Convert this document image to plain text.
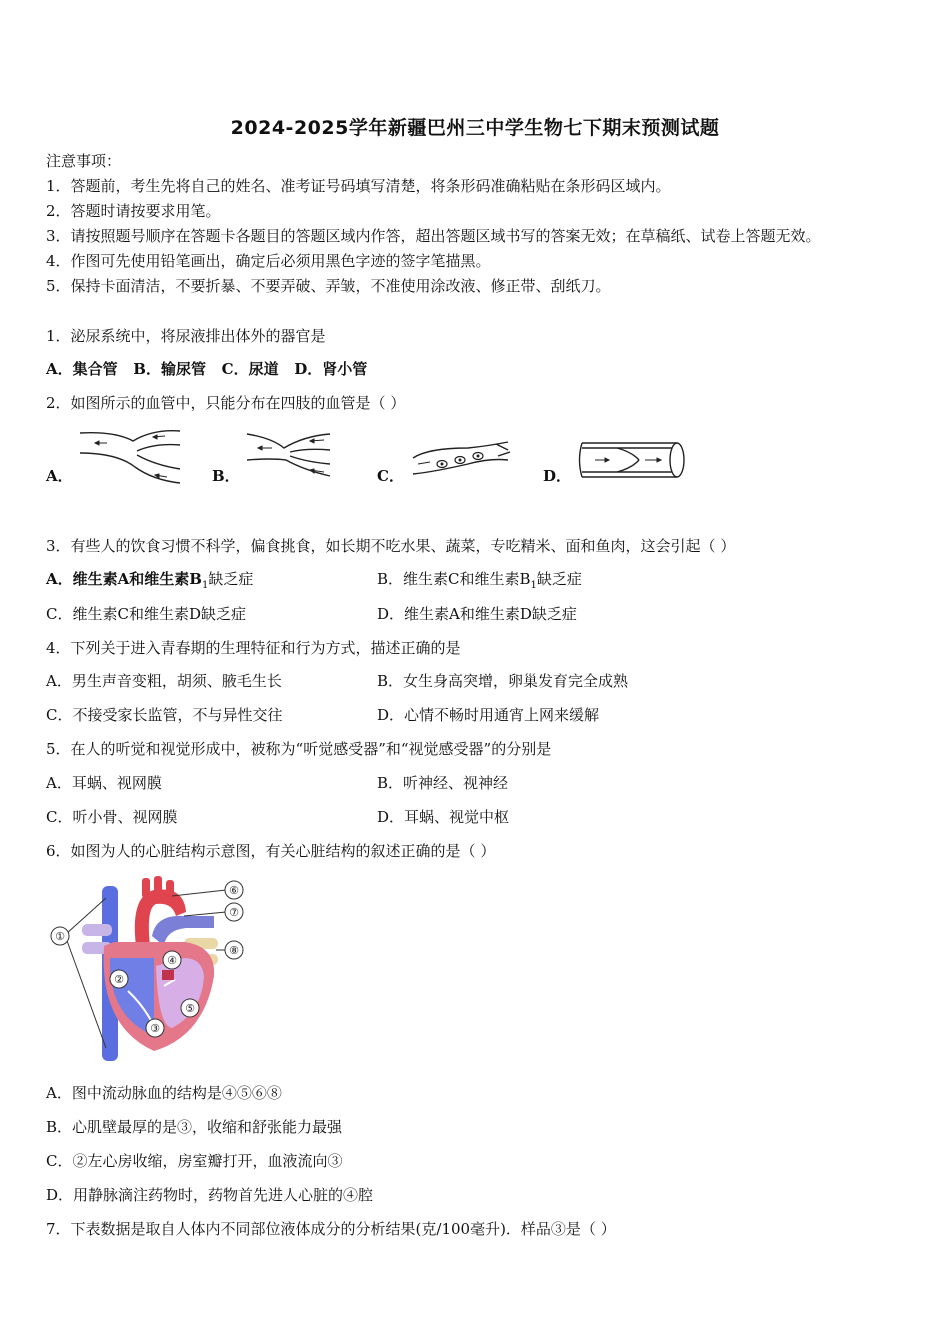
2024-2025学年新疆巴州三中学生物七下期末预测试题
注意事项：
1．答题前，考生先将自己的姓名、准考证号码填写清楚，将条形码准确粘贴在条形码区域内。
2．答题时请按要求用笔。
3．请按照题号顺序在答题卡各题目的答题区域内作答，超出答题区域书写的答案无效；在草稿纸、试卷上答题无效。
4．作图可先使用铅笔画出，确定后必须用黑色字迹的签字笔描黑。
5．保持卡面清洁，不要折暴、不要弄破、弄皱，不准使用涂改液、修正带、刮纸刀。
1．泌尿系统中，将尿液排出体外的器官是
A．集合管   B．输尿管   C．尿道   D．肾小管
2．如图所示的血管中，只能分布在四肢的血管是（ ）
A．	B．	C．	D．
3．有些人的饮食习惯不科学，偏食挑食，如长期不吃水果、蔬菜，专吃精米、面和鱼肉，这会引起（ ）
A．维生素A和维生素$B_1$缺乏症	B．维生素C和维生素$B_1$缺乏症
C．维生素C和维生素D缺乏症	D．维生素A和维生素D缺乏症
4．下列关于进入青春期的生理特征和行为方式，描述正确的是
A．男生声音变粗，胡须、腋毛生长	B．女生身高突增，卵巢发育完全成熟
C．不接受家长监管，不与异性交往	D．心情不畅时用通宵上网来缓解
5．在人的听觉和视觉形成中，被称为“听觉感受器”和“视觉感受器”的分别是
A．耳蜗、视网膜	B．听神经、视神经
C．听小骨、视网膜	D．耳蜗、视觉中枢
6．如图为人的心脏结构示意图，有关心脏结构的叙述正确的是（ ）
①
②
③
④
⑤
⑥
⑦
⑧
A．图中流动脉血的结构是④⑤⑥⑧
B．心肌壁最厚的是③，收缩和舒张能力最强
C．②左心房收缩，房室瓣打开，血液流向③
D．用静脉滴注药物时，药物首先进人心脏的④腔
7．下表数据是取自人体内不同部位液体成分的分析结果(克/100毫升)．样品③是（ ）
